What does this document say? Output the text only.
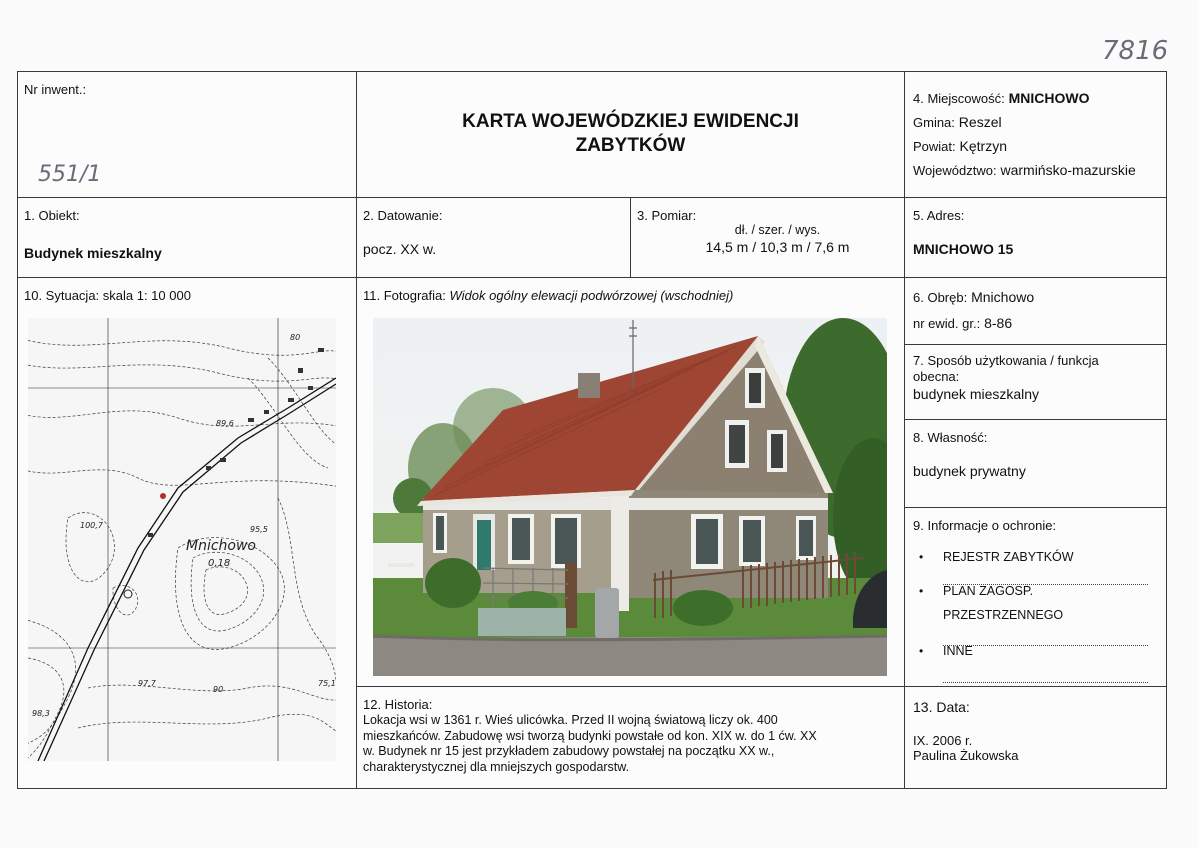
7816
Nr inwent.:
551/1
KARTA WOJEWÓDZKIEJ EWIDENCJI
ZABYTKÓW
4. Miejscowość: MNICHOWO
Gmina: Reszel
Powiat: Kętrzyn
Województwo: warmińsko-mazurskie
1. Obiekt:
Budynek mieszkalny
2. Datowanie:
pocz. XX w.
3. Pomiar:
dł. / szer. / wys.
14,5 m / 10,3 m / 7,6 m
5. Adres:
MNICHOWO 15
10. Sytuacja: skala 1: 10 000
Mnichowo
0,18
80
89,6
95,5
100,7
97,7
90
98,3
75,1
11. Fotografia: Widok ogólny elewacji podwórzowej (wschodniej)
12. Historia:
Lokacja wsi w 1361 r. Wieś ulicówka. Przed II wojną światową liczy ok. 400
mieszkańców. Zabudowę wsi tworzą budynki powstałe od kon. XIX w. do 1 ćw. XX
w. Budynek nr 15 jest przykładem zabudowy powstałej na początku XX w.,
charakterystycznej dla mniejszych gospodarstw.
6. Obręb: Mnichowo
nr ewid. gr.: 8-86
7. Sposób użytkowania / funkcja
obecna:
budynek mieszkalny
8. Własność:
budynek prywatny
9. Informacje o ochronie:
• REJESTR ZABYTKÓW
• PLAN ZAGOSP.
PRZESTRZENNEGO
• INNE
13. Data:
IX. 2006 r.
Paulina Żukowska
